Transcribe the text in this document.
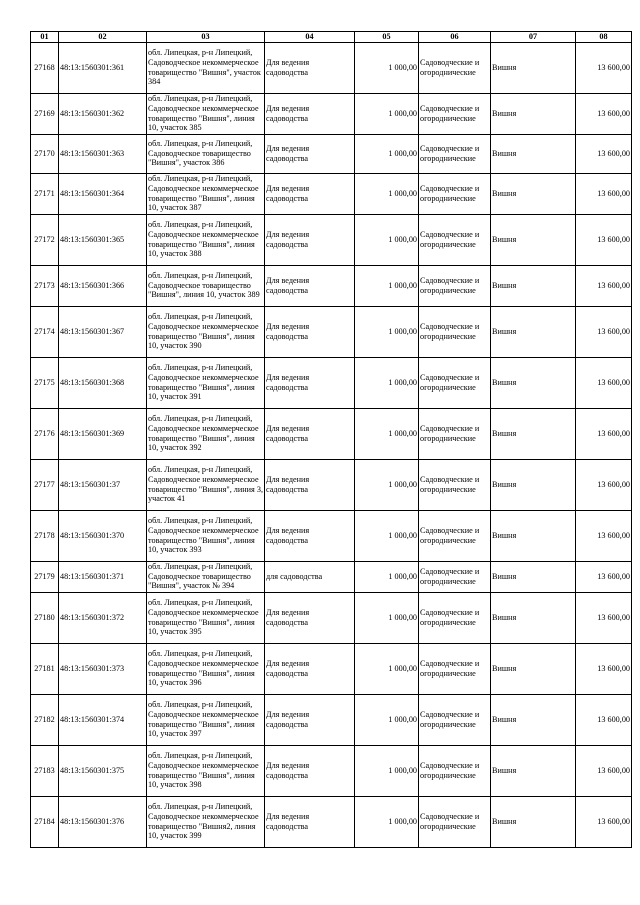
01	02	03	04	05	06	07	08
27168	48:13:1560301:361	обл. Липецкая, р-н Липецкий, Садоводческое некоммерческое товарищество "Вишня", участок 384	Для ведения садоводства	1 000,00	Садоводческие и огороднические	Вишня	13 600,00
27169	48:13:1560301:362	обл. Липецкая, р-н Липецкий, Садоводческое некоммерческое товарищество "Вишня", линия 10, участок 385	Для ведения садоводства	1 000,00	Садоводческие и огороднические	Вишня	13 600,00
27170	48:13:1560301:363	обл. Липецкая, р-н Липецкий, Садоводческое товарищество "Вишня", участок 386	Для ведения садоводства	1 000,00	Садоводческие и огороднические	Вишня	13 600,00
27171	48:13:1560301:364	обл. Липецкая, р-н Липецкий, Садоводческое некоммерческое товарищество "Вишня", линия 10, участок 387	Для ведения садоводства	1 000,00	Садоводческие и огороднические	Вишня	13 600,00
27172	48:13:1560301:365	обл. Липецкая, р-н Липецкий, Садоводческое некоммерческое товарищество "Вишня", линия 10, участок 388	Для ведения садоводства	1 000,00	Садоводческие и огороднические	Вишня	13 600,00
27173	48:13:1560301:366	обл. Липецкая, р-н Липецкий, Садоводческое товарищество "Вишня", линия 10, участок 389	Для ведения садоводства	1 000,00	Садоводческие и огороднические	Вишня	13 600,00
27174	48:13:1560301:367	обл. Липецкая, р-н Липецкий, Садоводческое некоммерческое товарищество "Вишня", линия 10, участок 390	Для ведения садоводства	1 000,00	Садоводческие и огороднические	Вишня	13 600,00
27175	48:13:1560301:368	обл. Липецкая, р-н Липецкий, Садоводческое некоммерческое товарищество "Вишня", линия 10, участок 391	Для ведения садоводства	1 000,00	Садоводческие и огороднические	Вишня	13 600,00
27176	48:13:1560301:369	обл. Липецкая, р-н Липецкий, Садоводческое некоммерческое товарищество "Вишня", линия 10, участок 392	Для ведения садоводства	1 000,00	Садоводческие и огороднические	Вишня	13 600,00
27177	48:13:1560301:37	обл. Липецкая, р-н Липецкий, Садоводческое некоммерческое товарищество "Вишня", линия 3, участок 41	Для ведения садоводства	1 000,00	Садоводческие и огороднические	Вишня	13 600,00
27178	48:13:1560301:370	обл. Липецкая, р-н Липецкий, Садоводческое некоммерческое товарищество "Вишня", линия 10, участок 393	Для ведения садоводства	1 000,00	Садоводческие и огороднические	Вишня	13 600,00
27179	48:13:1560301:371	обл. Липецкая, р-н Липецкий, Садоводческое товарищество "Вишня", участок № 394	для садоводства	1 000,00	Садоводческие и огороднические	Вишня	13 600,00
27180	48:13:1560301:372	обл. Липецкая, р-н Липецкий, Садоводческое некоммерческое товарищество "Вишня", линия 10, участок 395	Для ведения садоводства	1 000,00	Садоводческие и огороднические	Вишня	13 600,00
27181	48:13:1560301:373	обл. Липецкая, р-н Липецкий, Садоводческое некоммерческое товарищество "Вишня", линия 10, участок 396	Для ведения садоводства	1 000,00	Садоводческие и огороднические	Вишня	13 600,00
27182	48:13:1560301:374	обл. Липецкая, р-н Липецкий, Садоводческое некоммерческое товарищество "Вишня", линия 10, участок 397	Для ведения садоводства	1 000,00	Садоводческие и огороднические	Вишня	13 600,00
27183	48:13:1560301:375	обл. Липецкая, р-н Липецкий, Садоводческое некоммерческое товарищество "Вишня", линия 10, участок 398	Для ведения садоводства	1 000,00	Садоводческие и огороднические	Вишня	13 600,00
27184	48:13:1560301:376	обл. Липецкая, р-н Липецкий, Садоводческое некоммерческое товарищество "Вишня2, линия 10, участок 399	Для ведения садоводства	1 000,00	Садоводческие и огороднические	Вишня	13 600,00
